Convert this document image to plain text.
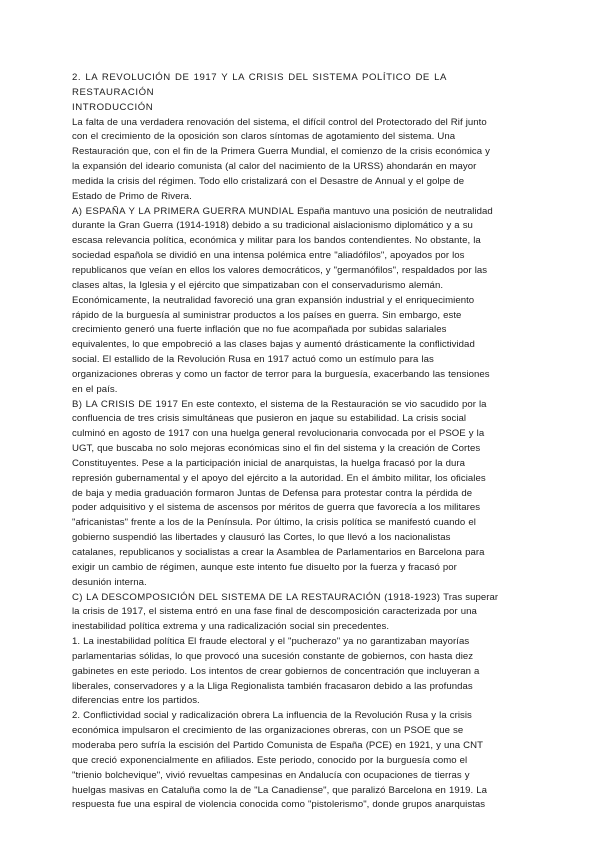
2. LA REVOLUCIÓN DE 1917 Y LA CRISIS DEL SISTEMA POLÍTICO DE LA
RESTAURACIÓN
INTRODUCCIÓN
La falta de una verdadera renovación del sistema, el difícil control del Protectorado del Rif junto
con el crecimiento de la oposición son claros síntomas de agotamiento del sistema. Una
Restauración que, con el fin de la Primera Guerra Mundial, el comienzo de la crisis económica y
la expansión del ideario comunista (al calor del nacimiento de la URSS) ahondarán en mayor
medida la crisis del régimen. Todo ello cristalizará con el Desastre de Annual y el golpe de
Estado de Primo de Rivera.
A) ESPAÑA Y LA PRIMERA GUERRA MUNDIAL España mantuvo una posición de neutralidad
durante la Gran Guerra (1914-1918) debido a su tradicional aislacionismo diplomático y a su
escasa relevancia política, económica y militar para los bandos contendientes. No obstante, la
sociedad española se dividió en una intensa polémica entre "aliadófilos", apoyados por los
republicanos que veían en ellos los valores democráticos, y "germanófilos", respaldados por las
clases altas, la Iglesia y el ejército que simpatizaban con el conservadurismo alemán.
Económicamente, la neutralidad favoreció una gran expansión industrial y el enriquecimiento
rápido de la burguesía al suministrar productos a los países en guerra. Sin embargo, este
crecimiento generó una fuerte inflación que no fue acompañada por subidas salariales
equivalentes, lo que empobreció a las clases bajas y aumentó drásticamente la conflictividad
social. El estallido de la Revolución Rusa en 1917 actuó como un estímulo para las
organizaciones obreras y como un factor de terror para la burguesía, exacerbando las tensiones
en el país.
B) LA CRISIS DE 1917 En este contexto, el sistema de la Restauración se vio sacudido por la
confluencia de tres crisis simultáneas que pusieron en jaque su estabilidad. La crisis social
culminó en agosto de 1917 con una huelga general revolucionaria convocada por el PSOE y la
UGT, que buscaba no solo mejoras económicas sino el fin del sistema y la creación de Cortes
Constituyentes. Pese a la participación inicial de anarquistas, la huelga fracasó por la dura
represión gubernamental y el apoyo del ejército a la autoridad. En el ámbito militar, los oficiales
de baja y media graduación formaron Juntas de Defensa para protestar contra la pérdida de
poder adquisitivo y el sistema de ascensos por méritos de guerra que favorecía a los militares
"africanistas" frente a los de la Península. Por último, la crisis política se manifestó cuando el
gobierno suspendió las libertades y clausuró las Cortes, lo que llevó a los nacionalistas
catalanes, republicanos y socialistas a crear la Asamblea de Parlamentarios en Barcelona para
exigir un cambio de régimen, aunque este intento fue disuelto por la fuerza y fracasó por
desunión interna.
C) LA DESCOMPOSICIÓN DEL SISTEMA DE LA RESTAURACIÓN (1918-1923) Tras superar
la crisis de 1917, el sistema entró en una fase final de descomposición caracterizada por una
inestabilidad política extrema y una radicalización social sin precedentes.
1. La inestabilidad política El fraude electoral y el "pucherazo" ya no garantizaban mayorías
parlamentarias sólidas, lo que provocó una sucesión constante de gobiernos, con hasta diez
gabinetes en este periodo. Los intentos de crear gobiernos de concentración que incluyeran a
liberales, conservadores y a la Lliga Regionalista también fracasaron debido a las profundas
diferencias entre los partidos.
2. Conflictividad social y radicalización obrera La influencia de la Revolución Rusa y la crisis
económica impulsaron el crecimiento de las organizaciones obreras, con un PSOE que se
moderaba pero sufría la escisión del Partido Comunista de España (PCE) en 1921, y una CNT
que creció exponencialmente en afiliados. Este periodo, conocido por la burguesía como el
"trienio bolchevique", vivió revueltas campesinas en Andalucía con ocupaciones de tierras y
huelgas masivas en Cataluña como la de "La Canadiense", que paralizó Barcelona en 1919. La
respuesta fue una espiral de violencia conocida como "pistolerismo", donde grupos anarquistas
